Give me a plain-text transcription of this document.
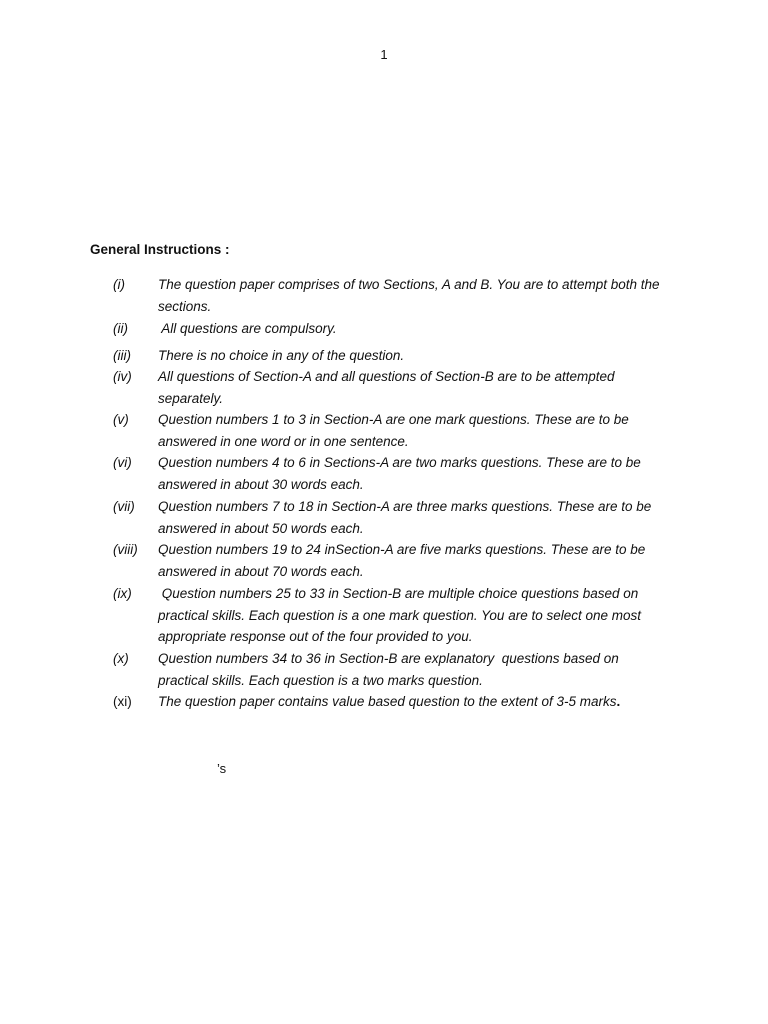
1
General Instructions :
(i) The question paper comprises of two Sections, A and B. You are to attempt both the
sections.
(ii) All questions are compulsory.
(iii) There is no choice in any of the question.
(iv) All questions of Section-A and all questions of Section-B are to be attempted
separately.
(v) Question numbers 1 to 3 in Section-A are one mark questions. These are to be
answered in one word or in one sentence.
(vi) Question numbers 4 to 6 in Sections-A are two marks questions. These are to be
answered in about 30 words each.
(vii) Question numbers 7 to 18 in Section-A are three marks questions. These are to be
answered in about 50 words each.
(viii) Question numbers 19 to 24 inSection-A are five marks questions. These are to be
answered in about 70 words each.
(ix) Question numbers 25 to 33 in Section-B are multiple choice questions based on
practical skills. Each question is a one mark question. You are to select one most
appropriate response out of the four provided to you.
(x) Question numbers 34 to 36 in Section-B are explanatory  questions based on
practical skills. Each question is a two marks question.
(xi) The question paper contains value based question to the extent of 3-5 marks.
’s
